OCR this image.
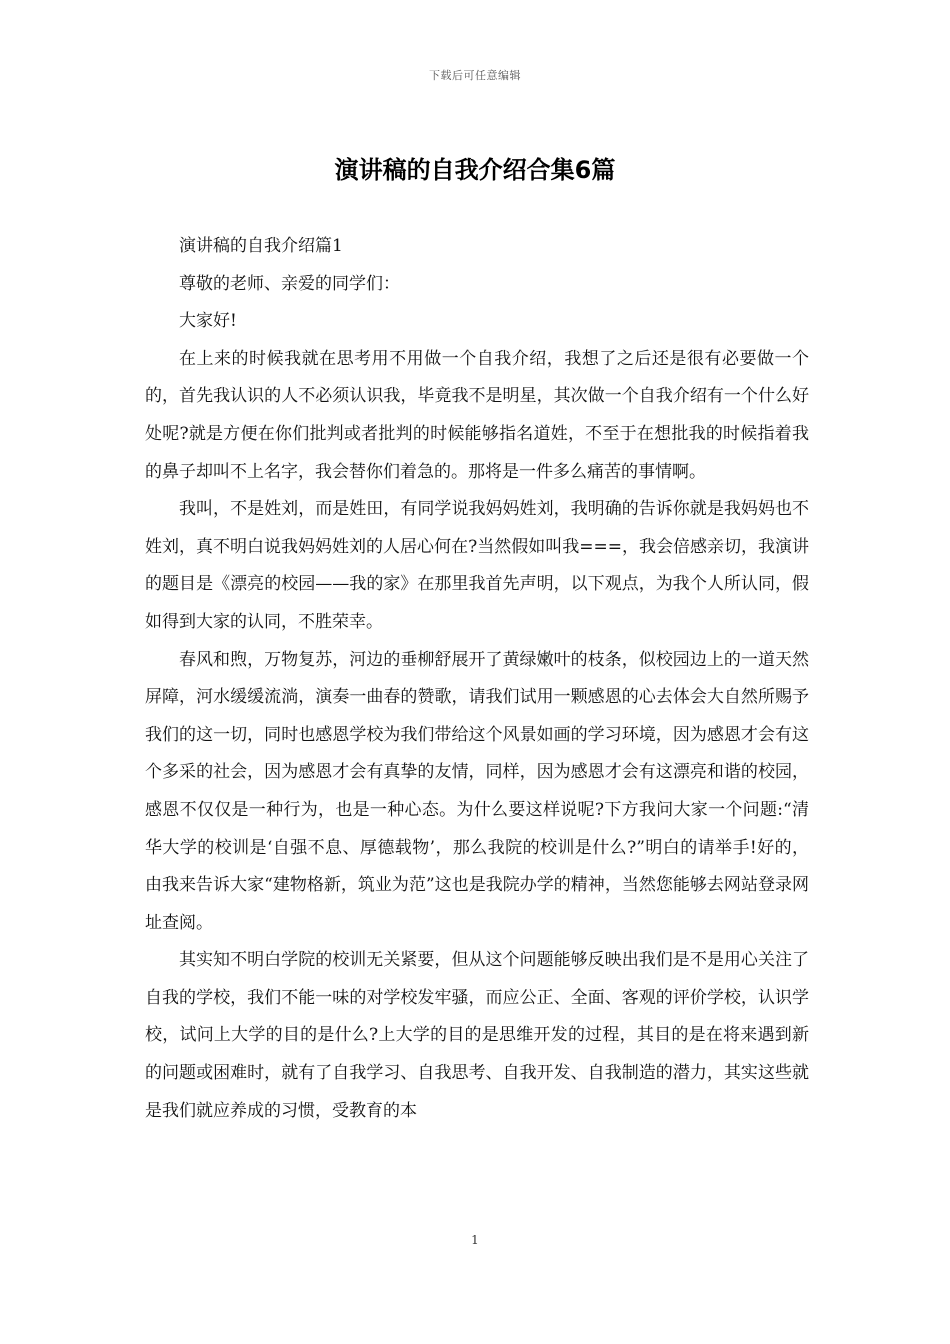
下载后可任意编辑
演讲稿的自我介绍合集6篇

演讲稿的自我介绍篇1

尊敬的老师、亲爱的同学们：

大家好!

在上来的时候我就在思考用不用做一个自我介绍，我想了之后还是很有必要做一个的，首先我认识的人不必须认识我，毕竟我不是明星，其次做一个自我介绍有一个什么好处呢?就是方便在你们批判或者批判的时候能够指名道姓，不至于在想批我的时候指着我的鼻子却叫不上名字，我会替你们着急的。那将是一件多么痛苦的事情啊。

我叫，不是姓刘，而是姓田，有同学说我妈妈姓刘，我明确的告诉你就是我妈妈也不姓刘，真不明白说我妈妈姓刘的人居心何在?当然假如叫我===，我会倍感亲切，我演讲的题目是《漂亮的校园——我的家》在那里我首先声明，以下观点，为我个人所认同，假如得到大家的认同，不胜荣幸。

春风和煦，万物复苏，河边的垂柳舒展开了黄绿嫩叶的枝条，似校园边上的一道天然屏障，河水缓缓流淌，演奏一曲春的赞歌，请我们试用一颗感恩的心去体会大自然所赐予我们的这一切，同时也感恩学校为我们带给这个风景如画的学习环境，因为感恩才会有这个多采的社会，因为感恩才会有真挚的友情，同样，因为感恩才会有这漂亮和谐的校园，感恩不仅仅是一种行为，也是一种心态。为什么要这样说呢?下方我问大家一个问题:“清华大学的校训是‘自强不息、厚德载物’，那么我院的校训是什么?”明白的请举手!好的，由我来告诉大家“建物格新，筑业为范”这也是我院办学的精神，当然您能够去网站登录网址查阅。

其实知不明白学院的校训无关紧要，但从这个问题能够反映出我们是不是用心关注了自我的学校，我们不能一味的对学校发牢骚，而应公正、全面、客观的评价学校，认识学校，试问上大学的目的是什么?上大学的目的是思维开发的过程，其目的是在将来遇到新的问题或困难时，就有了自我学习、自我思考、自我开发、自我制造的潜力，其实这些就是我们就应养成的习惯，受教育的本

1
